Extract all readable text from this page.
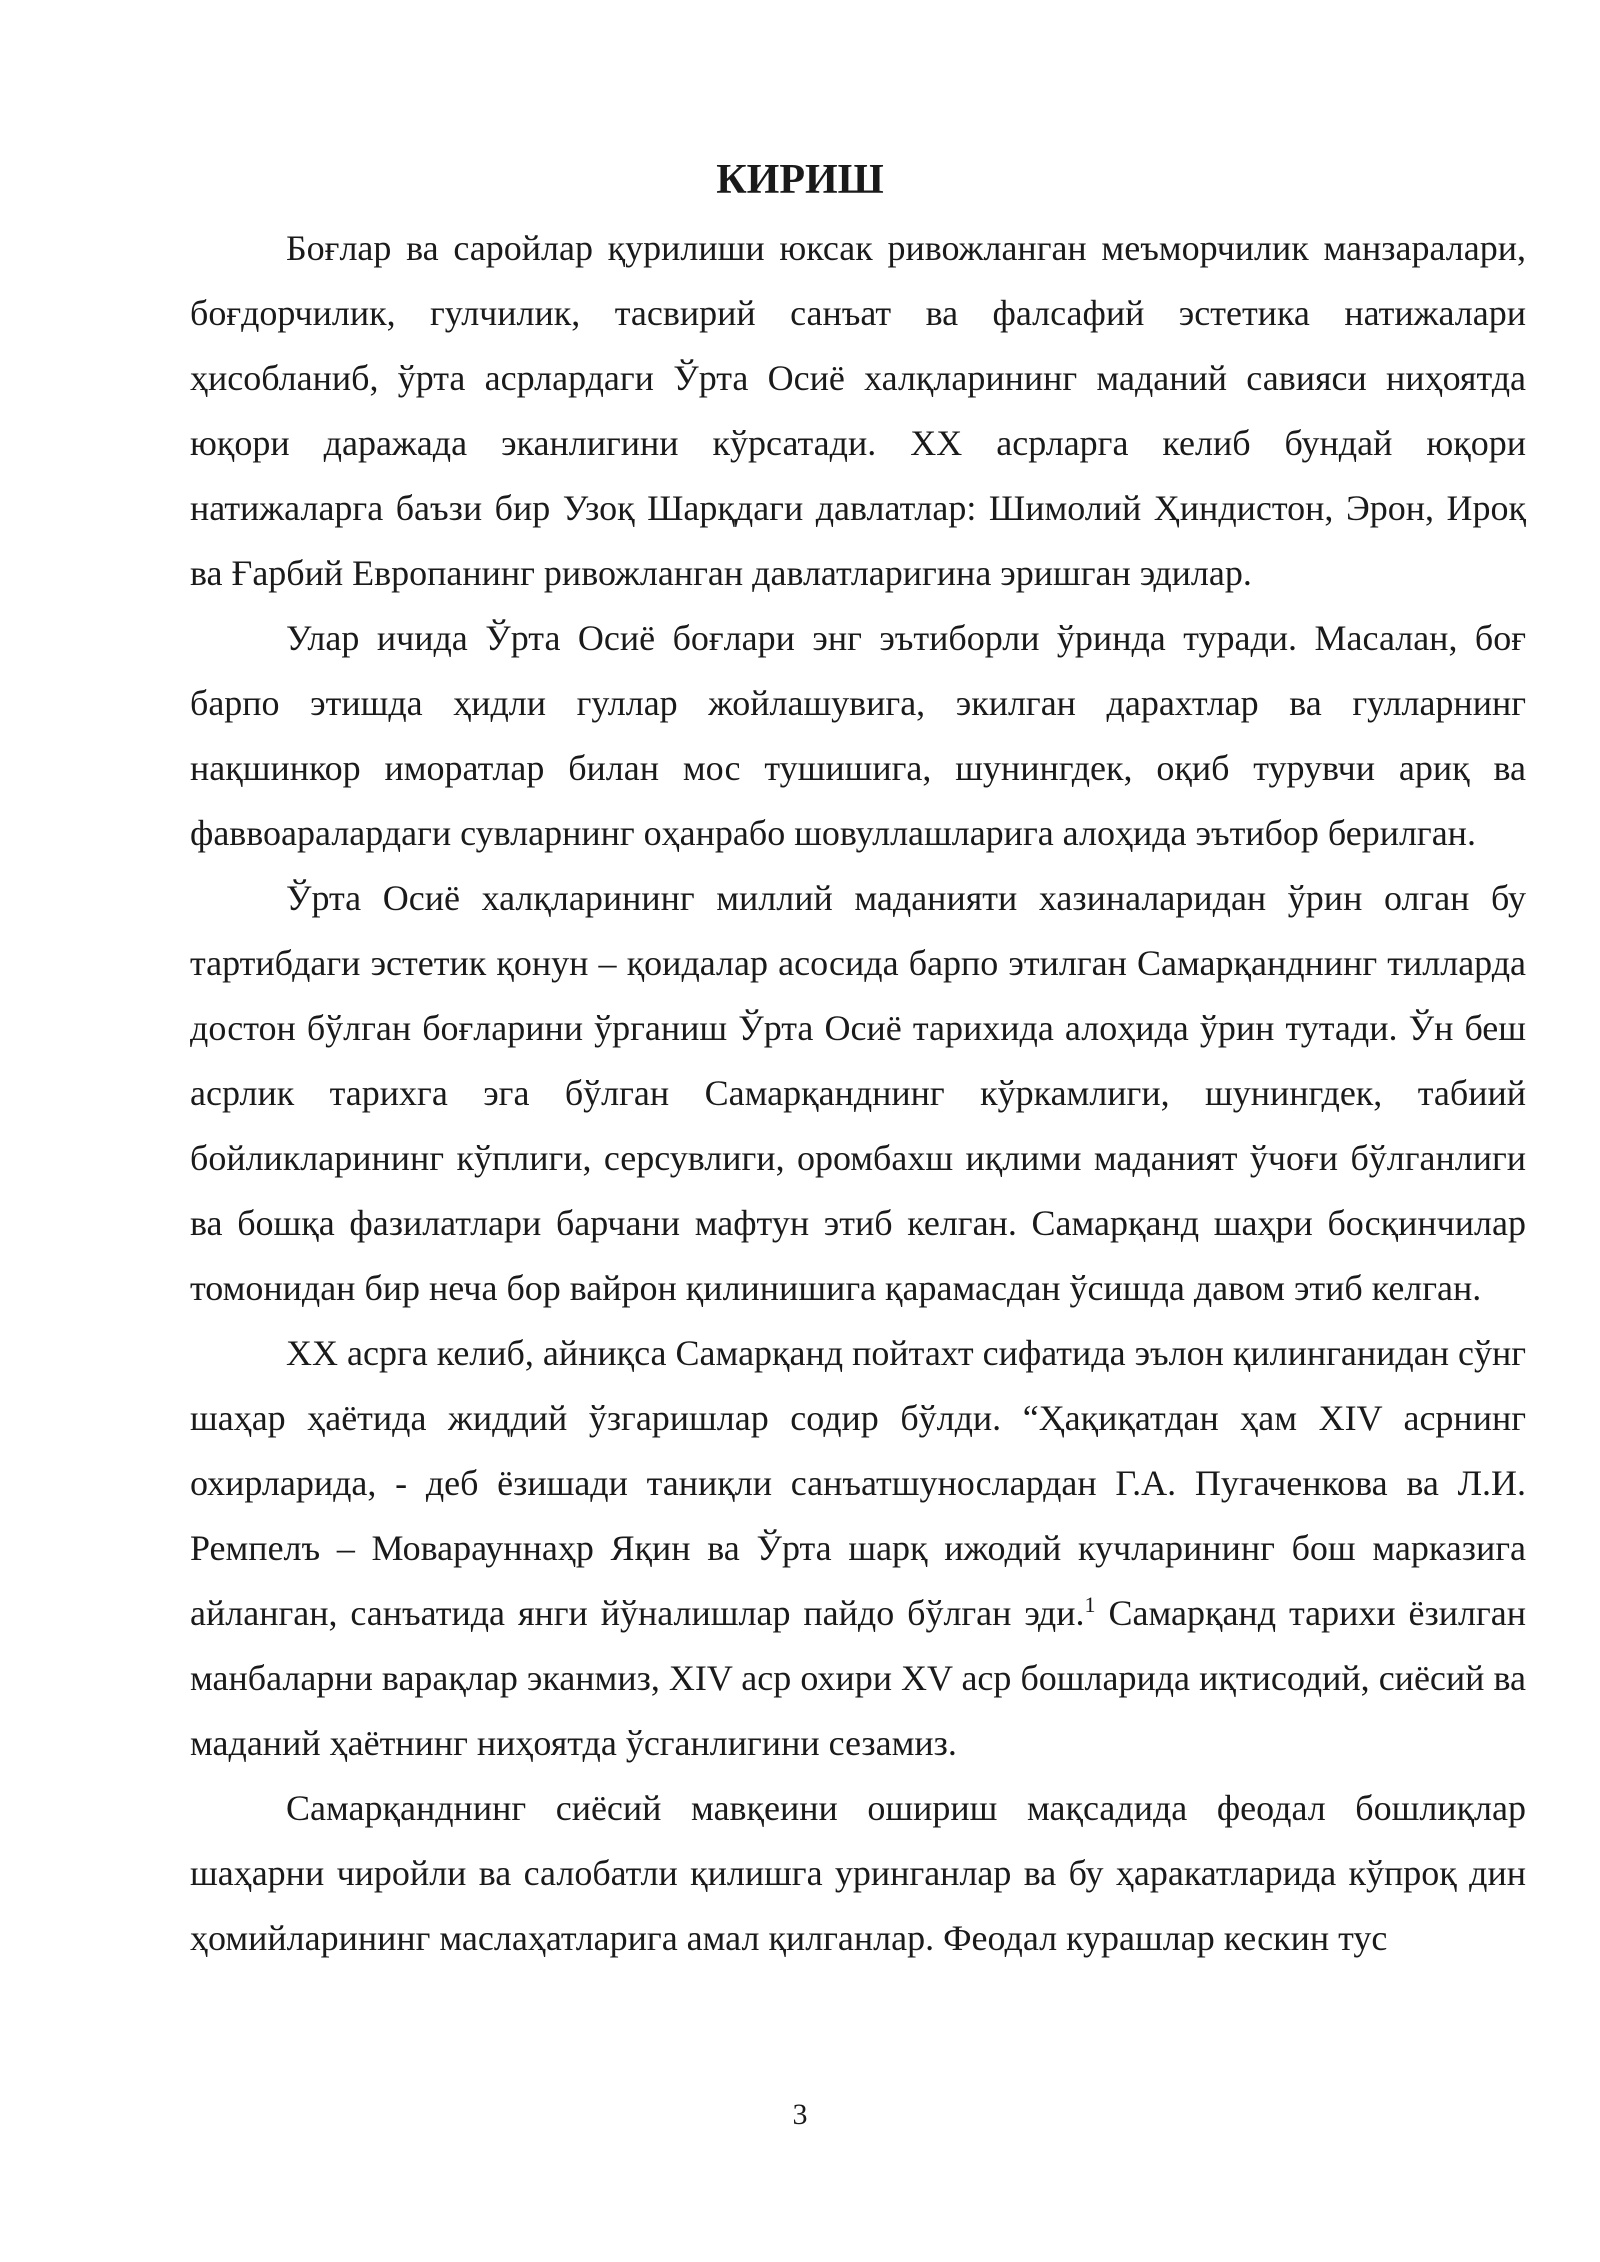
КИРИШ

Боғлар ва саройлар қурилиши юксак ривожланган меъморчилик манзаралари, боғдорчилик, гулчилик, тасвирий санъат ва фалсафий эстетика натижалари ҳисобланиб, ўрта асрлардаги Ўрта Осиё халқларининг маданий савияси ниҳоятда юқори даражада эканлигини кўрсатади. ХХ асрларга келиб бундай юқори натижаларга баъзи бир Узоқ Шарқдаги давлатлар: Шимолий Ҳиндистон, Эрон, Ироқ ва Ғарбий Европанинг ривожланган давлатларигина эришган эдилар.

Улар ичида Ўрта Осиё боғлари энг эътиборли ўринда туради. Масалан, боғ барпо этишда ҳидли гуллар жойлашувига, экилган дарахтлар ва гулларнинг нақшинкор иморатлар билан мос тушишига, шунингдек, оқиб турувчи ариқ ва фаввоаралардаги сувларнинг оҳанрабо шовуллашларига алоҳида эътибор берилган.

Ўрта Осиё халқларининг миллий маданияти хазиналаридан ўрин олган бу тартибдаги эстетик қонун – қоидалар асосида барпо этилган Самарқанднинг тилларда достон бўлган боғларини ўрганиш Ўрта Осиё тарихида алоҳида ўрин тутади. Ўн беш асрлик тарихга эга бўлган Самарқанднинг кўркамлиги, шунингдек, табиий бойликларининг кўплиги, серсувлиги, оромбахш иқлими маданият ўчоғи бўлганлиги ва бошқа фазилатлари барчани мафтун этиб келган. Самарқанд шаҳри босқинчилар томонидан бир неча бор вайрон қилинишига қарамасдан ўсишда давом этиб келган.

ХХ асрга келиб, айниқса Самарқанд пойтахт сифатида эълон қилинганидан сўнг шаҳар ҳаётида жиддий ўзгаришлар содир бўлди. “Ҳақиқатдан ҳам XIV асрнинг охирларида, - деб ёзишади таниқли санъатшунослардан Г.А. Пугаченкова ва Л.И. Ремпелъ – Моварауннаҳр Яқин ва Ўрта шарқ ижодий кучларининг бош марказига айланган, санъатида янги йўналишлар пайдо бўлган эди.$^1$ Самарқанд тарихи ёзилган манбаларни варақлар эканмиз, XIV аср охири XV аср бошларида иқтисодий, сиёсий ва маданий ҳаётнинг ниҳоятда ўсганлигини сезамиз.

Самарқанднинг сиёсий мавқеини ошириш мақсадида феодал бошлиқлар шаҳарни чиройли ва салобатли қилишга уринганлар ва бу ҳаракатларида кўпроқ дин ҳомийларининг маслаҳатларига амал қилганлар. Феодал курашлар кескин тус

3
